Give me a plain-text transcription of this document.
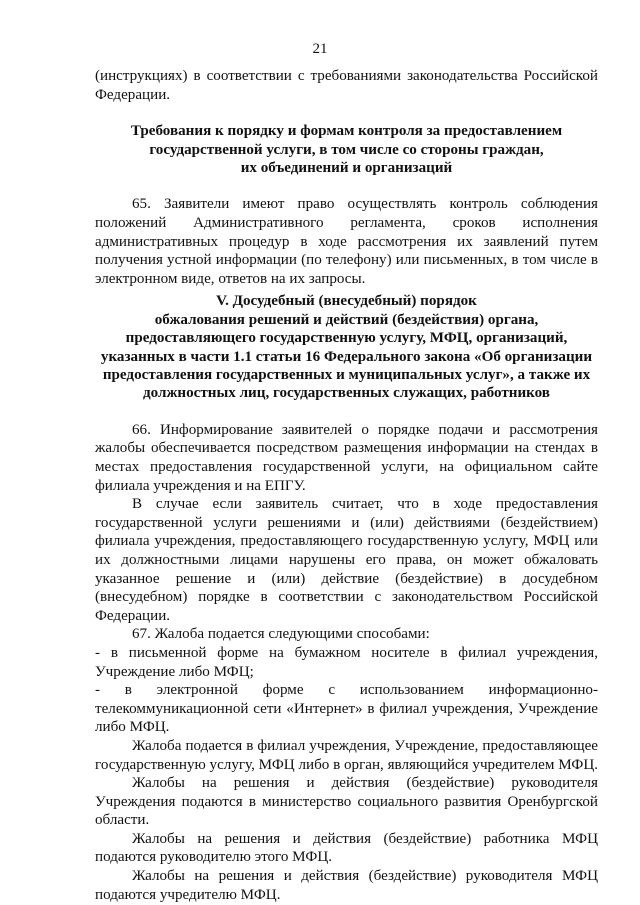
21

(инструкциях) в соответствии с требованиями законодательства Российской Федерации.

Требования к порядку и формам контроля за предоставлением
государственной услуги, в том числе со стороны граждан,
их объединений и организаций

65. Заявители имеют право осуществлять контроль соблюдения положений Административного регламента, сроков исполнения административных процедур в ходе рассмотрения их заявлений путем получения устной информации (по телефону) или письменных, в том числе в электронном виде, ответов на их запросы.

V. Досудебный (внесудебный) порядок
обжалования решений и действий (бездействия) органа,
предоставляющего государственную услугу, МФЦ, организаций,
указанных в части 1.1 статьи 16 Федерального закона «Об организации
предоставления государственных и муниципальных услуг», а также их
должностных лиц, государственных служащих, работников

66. Информирование заявителей о порядке подачи и рассмотрения жалобы обеспечивается посредством размещения информации на стендах в местах предоставления государственной услуги, на официальном сайте филиала учреждения и на ЕПГУ.

В случае если заявитель считает, что в ходе предоставления государственной услуги решениями и (или) действиями (бездействием) филиала учреждения, предоставляющего государственную услугу, МФЦ или их должностными лицами нарушены его права, он может обжаловать указанное решение и (или) действие (бездействие) в досудебном (внесудебном) порядке в соответствии с законодательством Российской Федерации.

67. Жалоба подается следующими способами:

- в письменной форме на бумажном носителе в филиал учреждения, Учреждение либо МФЦ;

- в электронной форме с использованием информационно-телекоммуникационной сети «Интернет» в филиал учреждения, Учреждение либо МФЦ.

Жалоба подается в филиал учреждения, Учреждение, предоставляющее государственную услугу, МФЦ либо в орган, являющийся учредителем МФЦ.

Жалобы на решения и действия (бездействие) руководителя Учреждения подаются в министерство социального развития Оренбургской области.

Жалобы на решения и действия (бездействие) работника МФЦ подаются руководителю этого МФЦ.

Жалобы на решения и действия (бездействие) руководителя МФЦ подаются учредителю МФЦ.
